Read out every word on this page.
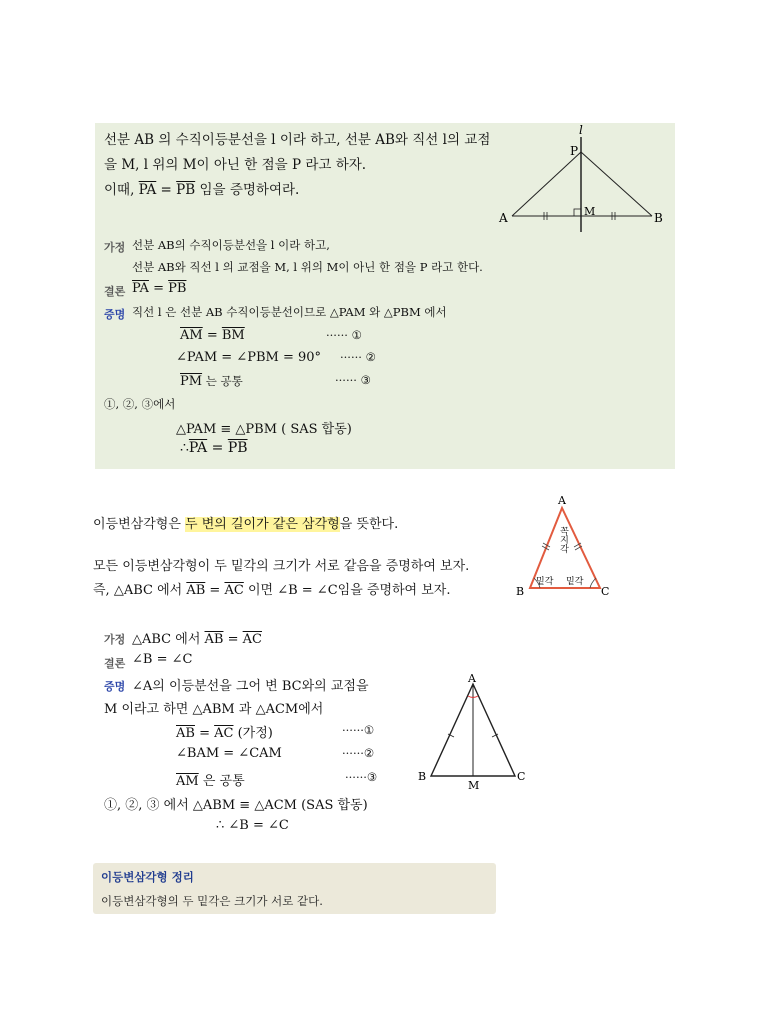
선분 AB 의 수직이등분선을 l 이라 하고, 선분 AB와 직선 l의 교점
을 M, l 위의 M이 아닌 한 점을 P 라고 하자.
이때, $\overline{PA} = \overline{PB}$ 임을 증명하여라.
l
P
A	M	B
가정 선분 AB의 수직이등분선을 l 이라 하고,
선분 AB와 직선 l 의 교점을 M, l 위의 M이 아닌 한 점을 P 라고 한다.
결론 $\overline{PA} = \overline{PB}$
증명 직선 l 은 선분 AB 수직이등분선이므로 △PAM 와 △PBM 에서
$\overline{AM} = \overline{BM}$	······ ①
∠PAM = ∠PBM = 90° ······ ②
$\overline{PM}$ 는 공통	······ ③
①, ②, ③에서
△PAM ≡ △PBM ( SAS 합동)
$\therefore\overline{PA} = \overline{PB}$
이등변삼각형은 두 변의 길이가 같은 삼각형을 뜻한다.
모든 이등변삼각형이 두 밑각의 크기가 서로 같음을 증명하여 보자.
즉, △ABC 에서 $\overline{AB} = \overline{AC}$ 이면 ∠B = ∠C임을 증명하여 보자.
A
B	C
꼭지각
밑각 밑각
가정 △ABC 에서 $\overline{AB} = \overline{AC}$
결론 ∠B = ∠C
증명 ∠A의 이등분선을 그어 변 BC와의 교점을
M 이라고 하면 △ABM 과 △ACM에서
$\overline{AB} = \overline{AC}$ (가정)	······①
∠BAM = ∠CAM	······②
$\overline{AM}$ 은 공통	······③
①, ②, ③ 에서 △ABM ≡ △ACM (SAS 합동)
∴ ∠B = ∠C
A
B	C
M
이등변삼각형 정리
이등변삼각형의 두 밑각은 크기가 서로 같다.
